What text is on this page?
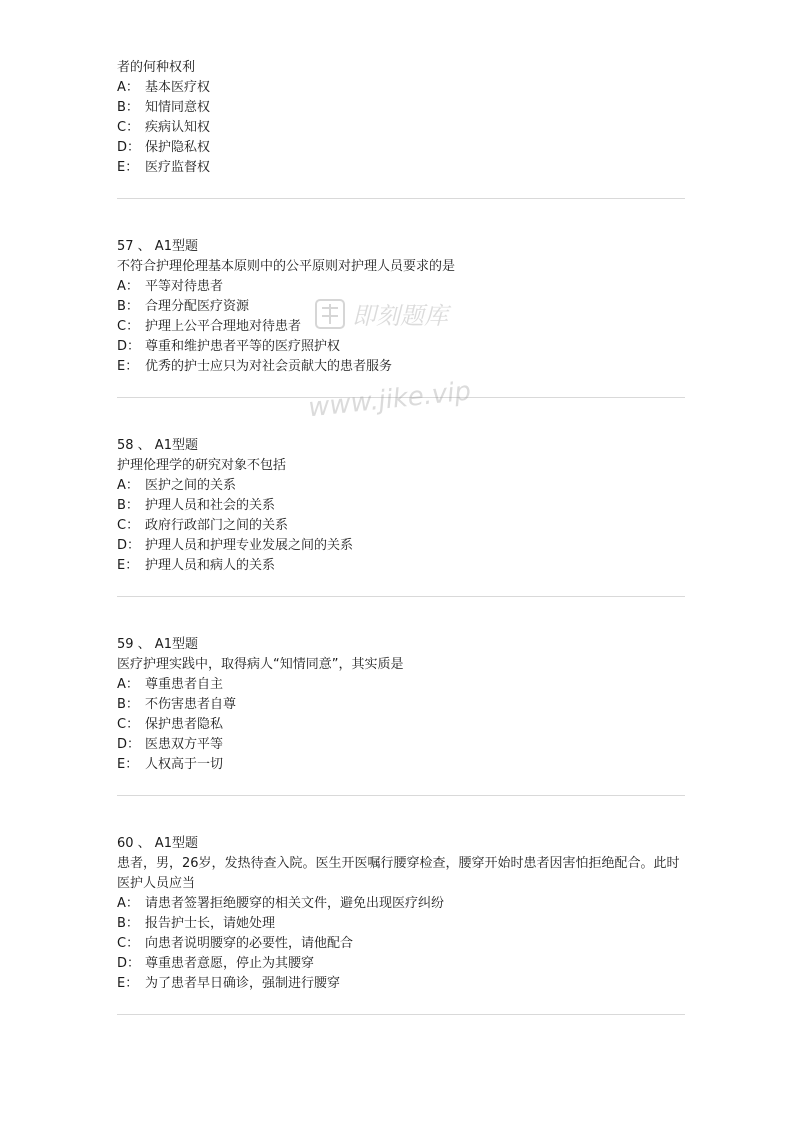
者的何种权利
A： 基本医疗权
B： 知情同意权
C： 疾病认知权
D： 保护隐私权
E： 医疗监督权
57 、 A1型题
不符合护理伦理基本原则中的公平原则对护理人员要求的是
A： 平等对待患者
B： 合理分配医疗资源
C： 护理上公平合理地对待患者
D： 尊重和维护患者平等的医疗照护权
E： 优秀的护士应只为对社会贡献大的患者服务
58 、 A1型题
护理伦理学的研究对象不包括
A： 医护之间的关系
B： 护理人员和社会的关系
C： 政府行政部门之间的关系
D： 护理人员和护理专业发展之间的关系
E： 护理人员和病人的关系
59 、 A1型题
医疗护理实践中，取得病人“知情同意”，其实质是
A： 尊重患者自主
B： 不伤害患者自尊
C： 保护患者隐私
D： 医患双方平等
E： 人权高于一切
60 、 A1型题
患者，男，26岁，发热待查入院。医生开医嘱行腰穿检查，腰穿开始时患者因害怕拒绝配合。此时医护人员应当
A： 请患者签署拒绝腰穿的相关文件，避免出现医疗纠纷
B： 报告护士长，请她处理
C： 向患者说明腰穿的必要性，请他配合
D： 尊重患者意愿，停止为其腰穿
E： 为了患者早日确诊，强制进行腰穿
即刻题库
www.jike.vip
